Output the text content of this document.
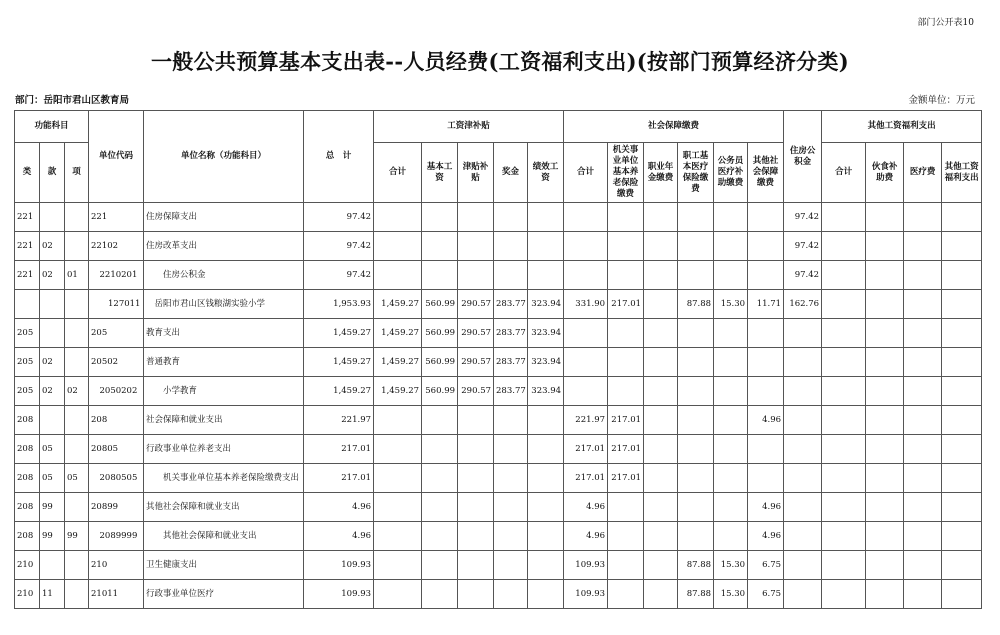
部门公开表10
一般公共预算基本支出表--人员经费(工资福利支出)(按部门预算经济分类)
部门：岳阳市君山区教育局	金额单位：万元
功能科目			单位代码	单位名称（功能科目）	总　计	工资津补贴					社会保障缴费						住房公积金	其他工资福利支出			
类	款	项				合计	基本工资	津贴补贴	奖金	绩效工资	合计	机关事业单位基本养老保险缴费	职业年金缴费	职工基本医疗保险缴费	公务员医疗补助缴费	其他社会保障缴费		合计	伙食补助费	医疗费	其他工资福利支出
221			221	住房保障支出	97.42												97.42				
221	02		22102	住房改革支出	97.42												97.42				
221	02	01	　2210201	　　住房公积金	97.42												97.42				
			　　127011	　岳阳市君山区钱粮湖实验小学	1,953.93	1,459.27	560.99	290.57	283.77	323.94	331.90	217.01		87.88	15.30	11.71	162.76				
205			205	教育支出	1,459.27	1,459.27	560.99	290.57	283.77	323.94											
205	02		20502	普通教育	1,459.27	1,459.27	560.99	290.57	283.77	323.94											
205	02	02	　2050202	　　小学教育	1,459.27	1,459.27	560.99	290.57	283.77	323.94											
208			208	社会保障和就业支出	221.97						221.97	217.01				4.96					
208	05		20805	行政事业单位养老支出	217.01						217.01	217.01									
208	05	05	　2080505	　　机关事业单位基本养老保险缴费支出	217.01						217.01	217.01									
208	99		20899	其他社会保障和就业支出	4.96						4.96					4.96					
208	99	99	　2089999	　　其他社会保障和就业支出	4.96						4.96					4.96					
210			210	卫生健康支出	109.93						109.93			87.88	15.30	6.75					
210	11		21011	行政事业单位医疗	109.93						109.93			87.88	15.30	6.75					
